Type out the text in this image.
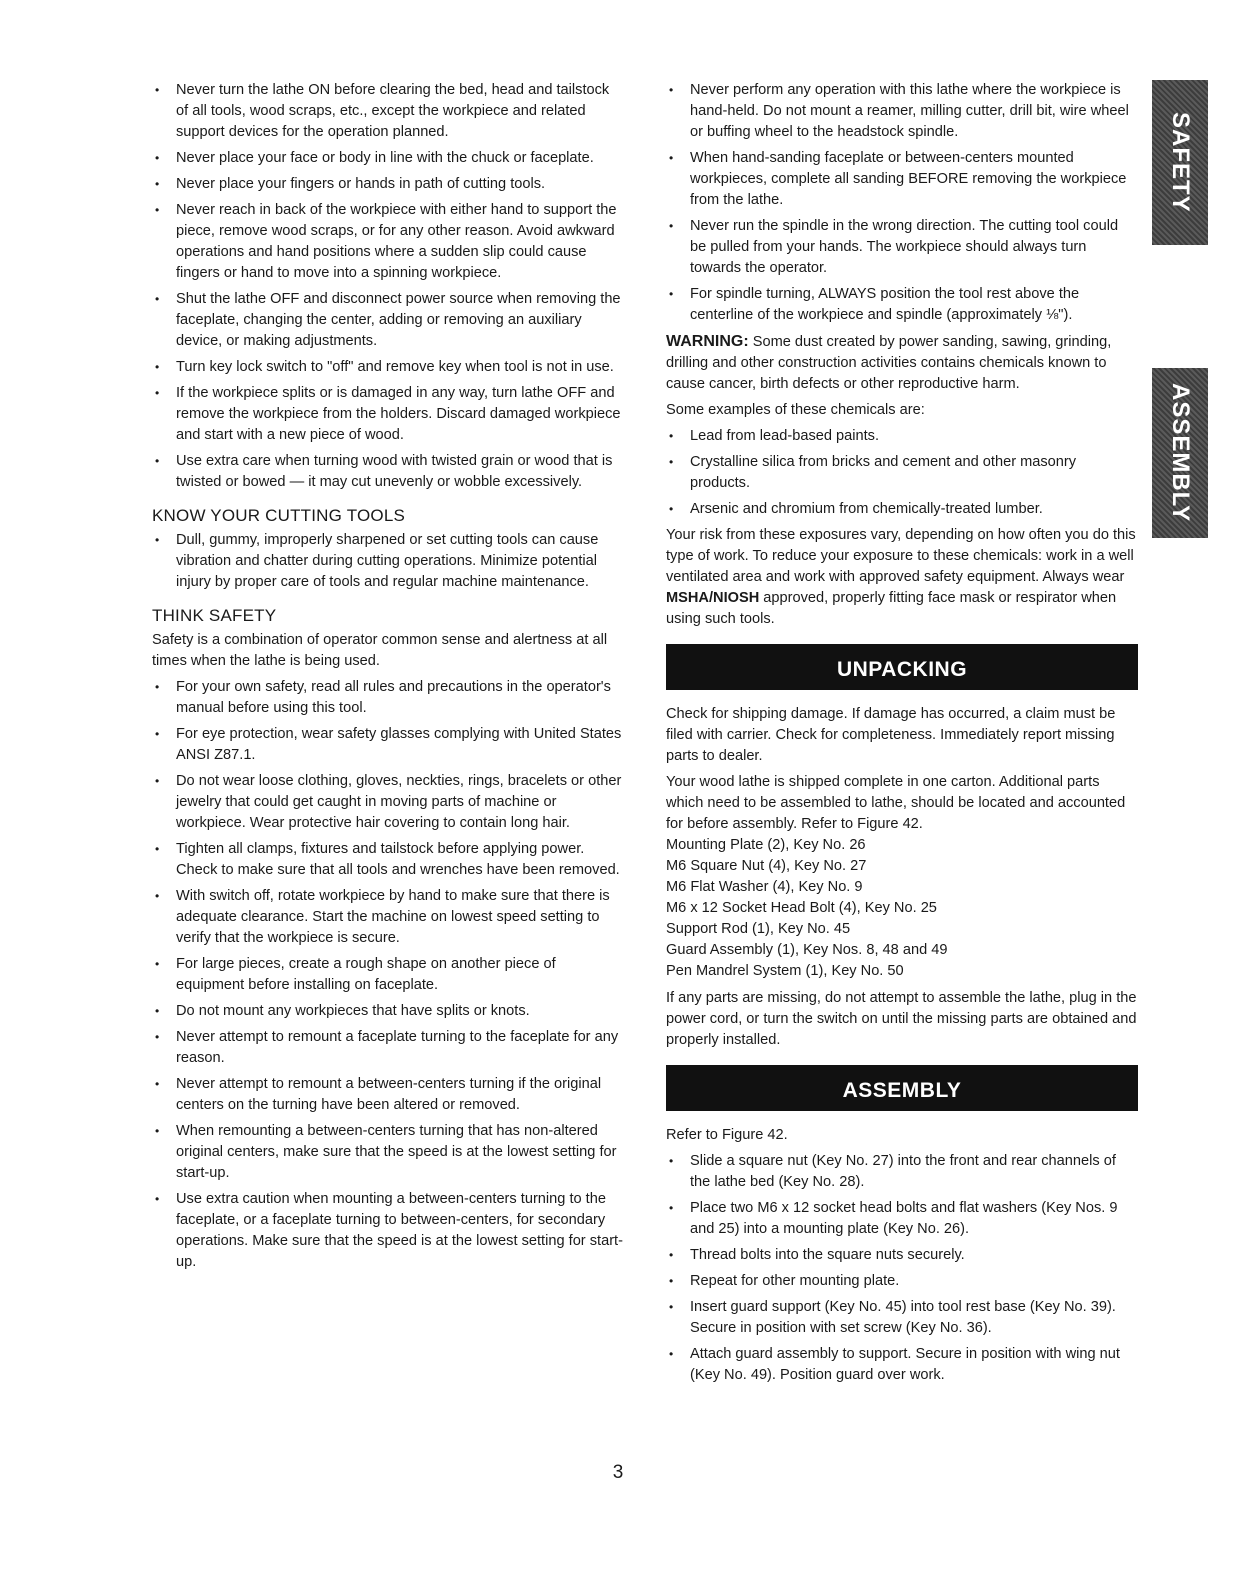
• Never turn the lathe ON before clearing the bed, head and tailstock of all tools, wood scraps, etc., except the workpiece and related support devices for the operation planned.
• Never place your face or body in line with the chuck or faceplate.
• Never place your fingers or hands in path of cutting tools.
• Never reach in back of the workpiece with either hand to support the piece, remove wood scraps, or for any other reason. Avoid awkward operations and hand positions where a sudden slip could cause fingers or hand to move into a spinning workpiece.
• Shut the lathe OFF and disconnect power source when removing the faceplate, changing the center, adding or removing an auxiliary device, or making adjustments.
• Turn key lock switch to "off" and remove key when tool is not in use.
• If the workpiece splits or is damaged in any way, turn lathe OFF and remove the workpiece from the holders. Discard damaged workpiece and start with a new piece of wood.
• Use extra care when turning wood with twisted grain or wood that is twisted or bowed — it may cut unevenly or wobble excessively.
KNOW YOUR CUTTING TOOLS
• Dull, gummy, improperly sharpened or set cutting tools can cause vibration and chatter during cutting operations. Minimize potential injury by proper care of tools and regular machine maintenance.
THINK SAFETY

Safety is a combination of operator common sense and alertness at all times when the lathe is being used.

• For your own safety, read all rules and precautions in the operator's manual before using this tool.
• For eye protection, wear safety glasses complying with United States ANSI Z87.1.
• Do not wear loose clothing, gloves, neckties, rings, bracelets or other jewelry that could get caught in moving parts of machine or workpiece. Wear protective hair covering to contain long hair.
• Tighten all clamps, fixtures and tailstock before applying power. Check to make sure that all tools and wrenches have been removed.
• With switch off, rotate workpiece by hand to make sure that there is adequate clearance. Start the machine on lowest speed setting to verify that the workpiece is secure.
• For large pieces, create a rough shape on another piece of equipment before installing on faceplate.
• Do not mount any workpieces that have splits or knots.
• Never attempt to remount a faceplate turning to the faceplate for any reason.
• Never attempt to remount a between-centers turning if the original centers on the turning have been altered or removed.
• When remounting a between-centers turning that has non-altered original centers, make sure that the speed is at the lowest setting for start-up.
• Use extra caution when mounting a between-centers turning to the faceplate, or a faceplate turning to between-centers, for secondary operations. Make sure that the speed is at the lowest setting for start-up.
• Never perform any operation with this lathe where the workpiece is hand-held. Do not mount a reamer, milling cutter, drill bit, wire wheel or buffing wheel to the headstock spindle.
• When hand-sanding faceplate or between-centers mounted workpieces, complete all sanding BEFORE removing the workpiece from the lathe.
• Never run the spindle in the wrong direction. The cutting tool could be pulled from your hands. The workpiece should always turn towards the operator.
• For spindle turning, ALWAYS position the tool rest above the centerline of the workpiece and spindle (approximately ⅛").

WARNING: Some dust created by power sanding, sawing, grinding, drilling and other construction activities contains chemicals known to cause cancer, birth defects or other reproductive harm.

Some examples of these chemicals are:

• Lead from lead-based paints.
• Crystalline silica from bricks and cement and other masonry products.
• Arsenic and chromium from chemically-treated lumber.

Your risk from these exposures vary, depending on how often you do this type of work. To reduce your exposure to these chemicals: work in a well ventilated area and work with approved safety equipment. Always wear MSHA/NIOSH approved, properly fitting face mask or respirator when using such tools.

UNPACKING

Check for shipping damage. If damage has occurred, a claim must be filed with carrier. Check for completeness. Immediately report missing parts to dealer.

Your wood lathe is shipped complete in one carton. Additional parts which need to be assembled to lathe, should be located and accounted for before assembly. Refer to Figure 42.

Mounting Plate (2), Key No. 26
M6 Square Nut (4), Key No. 27
M6 Flat Washer (4), Key No. 9
M6 x 12 Socket Head Bolt (4), Key No. 25
Support Rod (1), Key No. 45
Guard Assembly (1), Key Nos. 8, 48 and 49
Pen Mandrel System (1), Key No. 50

If any parts are missing, do not attempt to assemble the lathe, plug in the power cord, or turn the switch on until the missing parts are obtained and properly installed.

ASSEMBLY

Refer to Figure 42.

• Slide a square nut (Key No. 27) into the front and rear channels of the lathe bed (Key No. 28).
• Place two M6 x 12 socket head bolts and flat washers (Key Nos. 9 and 25) into a mounting plate (Key No. 26).
• Thread bolts into the square nuts securely.
• Repeat for other mounting plate.
• Insert guard support (Key No. 45) into tool rest base (Key No. 39). Secure in position with set screw (Key No. 36).
• Attach guard assembly to support. Secure in position with wing nut (Key No. 49). Position guard over work.
SAFETY
ASSEMBLY
3
